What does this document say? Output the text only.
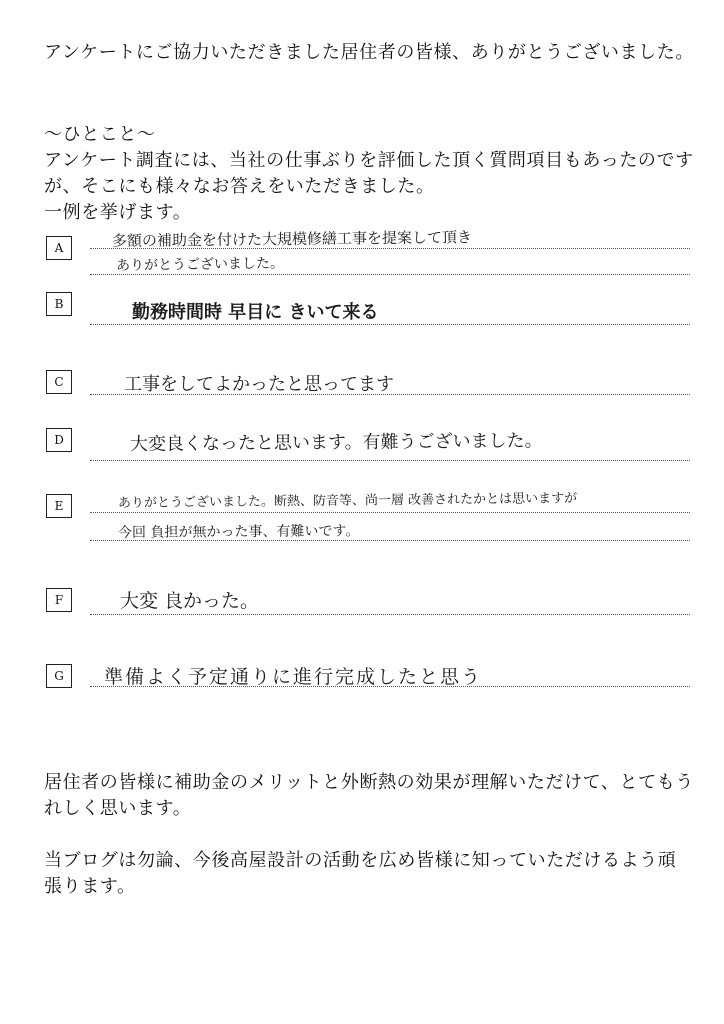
アンケートにご協力いただきました居住者の皆様、ありがとうございました。

～ひとこと～

アンケート調査には、当社の仕事ぶりを評価した頂く質問項目もあったのですが、そこにも様々なお答えをいただきました。

一例を挙げます。

A	多額の補助金を付けた大規模修繕工事を提案して頂き
ありがとうございました。
B	勤務時間時 早目に きいて来る
C	工事をしてよかったと思ってます
D	大変良くなったと思います。有難うございました。
E	ありがとうございました。断熱、防音等、尚一層 改善されたかとは思いますが
今回 負担が無かった事、有難いです。
F	大変 良かった。
G	準備よく予定通りに進行完成したと思う

居住者の皆様に補助金のメリットと外断熱の効果が理解いただけて、とてもうれしく思います。

当ブログは勿論、今後高屋設計の活動を広め皆様に知っていただけるよう頑張ります。
